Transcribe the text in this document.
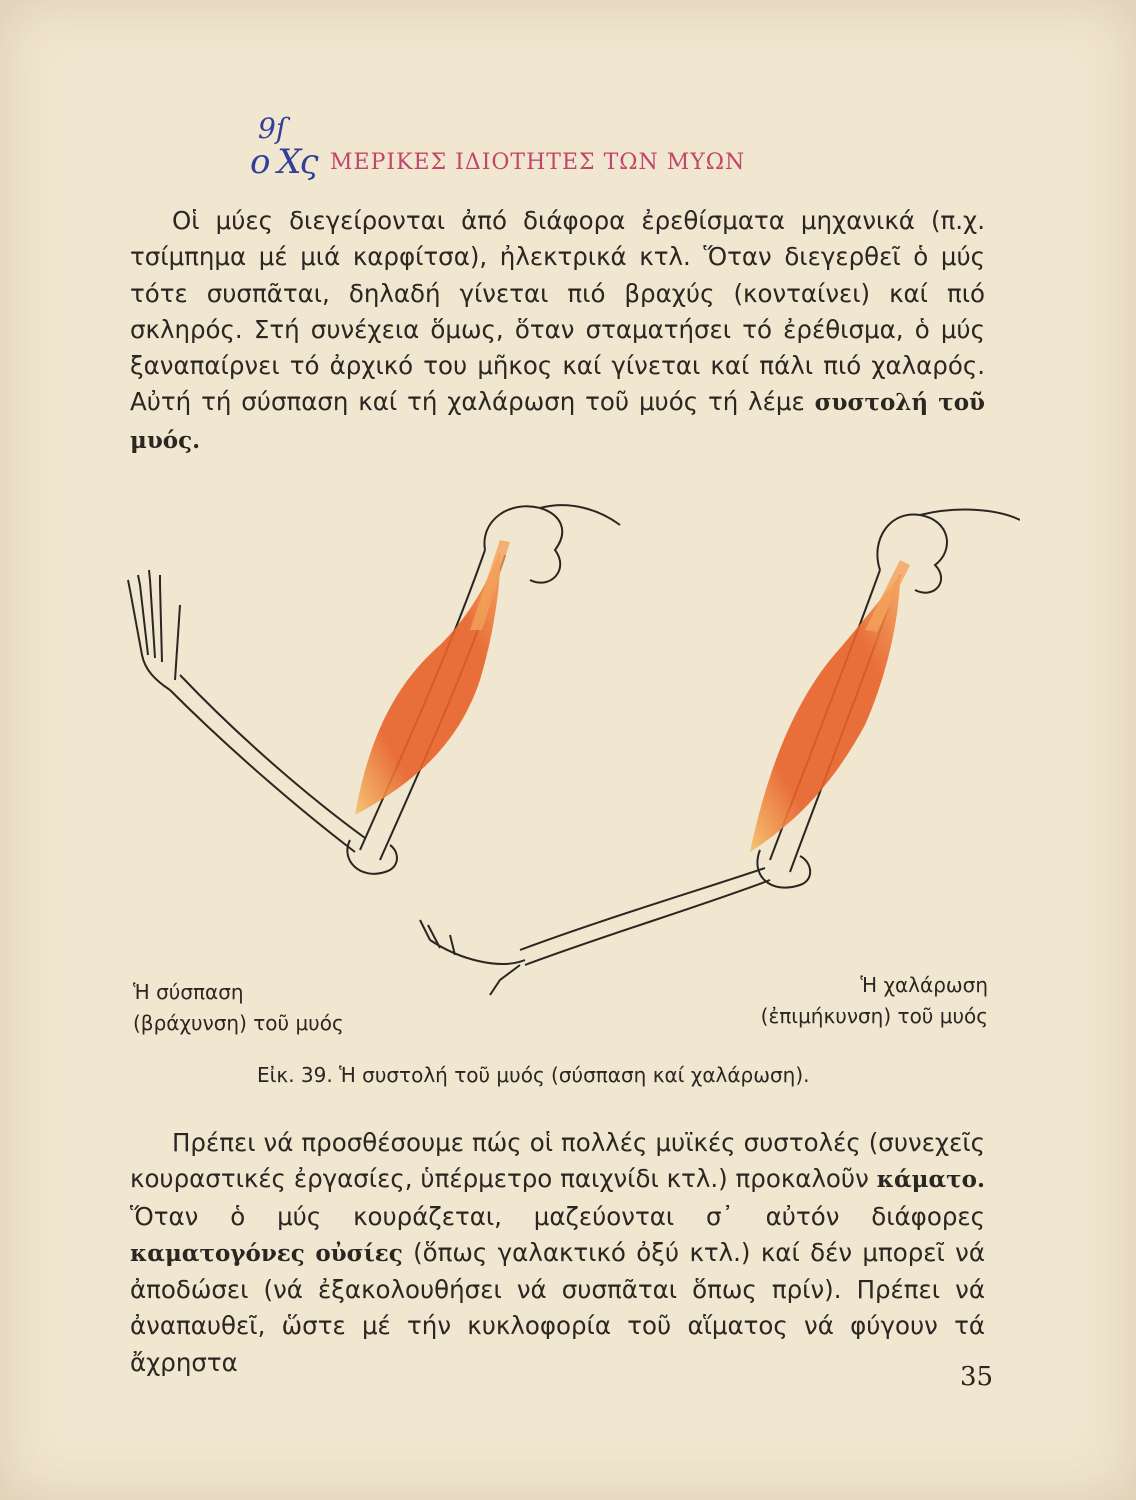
9ſ
ο Χς ΜΕΡΙΚΕΣ ΙΔΙΟΤΗΤΕΣ ΤΩΝ ΜΥΩΝ

Οἱ μύες διεγείρονται ἀπό διάφορα ἐρεθίσματα μηχανικά (π.χ. τσίμπημα μέ μιά καρφίτσα), ἠλεκτρικά κτλ. Ὅταν διεγερθεῖ ὁ μύς τότε συσπᾶται, δηλαδή γίνεται πιό βραχύς (κονταίνει) καί πιό σκληρός. Στή συνέχεια ὅμως, ὅταν σταματήσει τό ἐρέθισμα, ὁ μύς ξαναπαίρνει τό ἀρχικό του μῆκος καί γίνεται καί πάλι πιό χαλαρός. Αὐτή τή σύσπαση καί τή χαλάρωση τοῦ μυός τή λέμε συστολή τοῦ μυός.

Ἡ σύσπαση
(βράχυνση) τοῦ μυός
Ἡ χαλάρωση
(ἐπιμήκυνση) τοῦ μυός
Εἰκ. 39. Ἡ συστολή τοῦ μυός (σύσπαση καί χαλάρωση).

Πρέπει νά προσθέσουμε πώς οἱ πολλές μυϊκές συστολές (συνεχεῖς κουραστικές ἐργασίες, ὑπέρμετρο παιχνίδι κτλ.) προκαλοῦν κάματο. Ὅταν ὁ μύς κουράζεται, μαζεύονται σ᾽ αὐτόν διάφορες καματογόνες οὐσίες (ὅπως γαλακτικό ὀξύ κτλ.) καί δέν μπορεῖ νά ἀποδώσει (νά ἐξακολουθήσει νά συσπᾶται ὅπως πρίν). Πρέπει νά ἀναπαυθεῖ, ὥστε μέ τήν κυκλοφορία τοῦ αἵματος νά φύγουν τά ἄχρηστα	35
